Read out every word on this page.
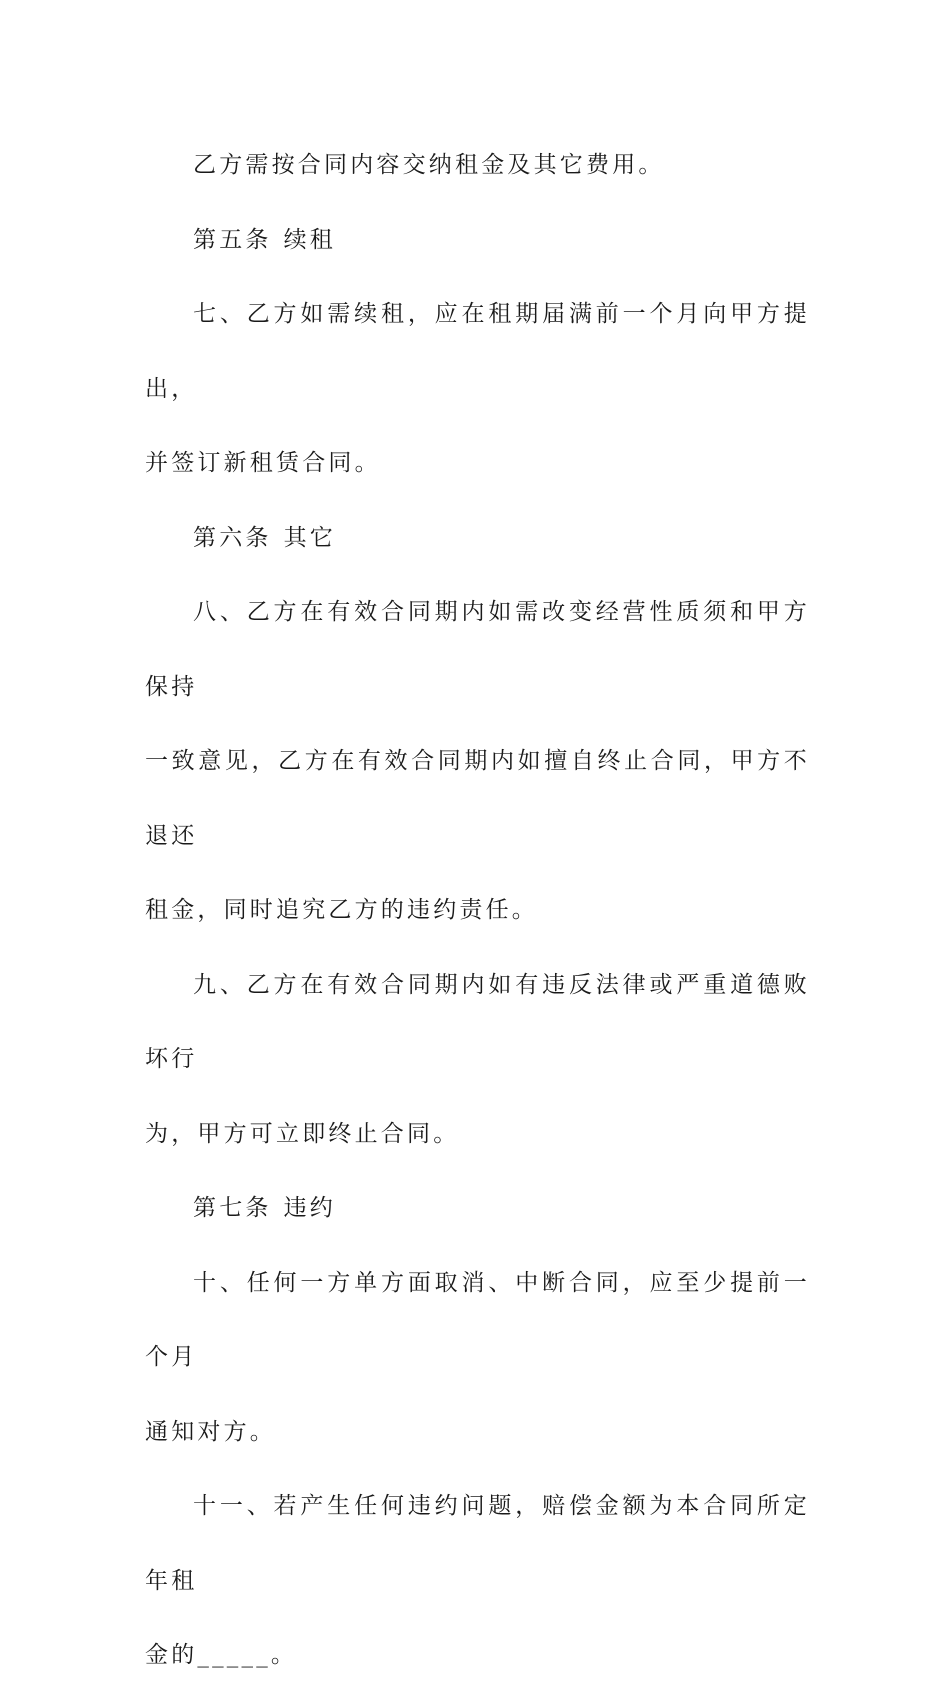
乙方需按合同内容交纳租金及其它费用。

第五条 续租

七、乙方如需续租，应在租期届满前一个月向甲方提出，
并签订新租赁合同。

第六条 其它

八、乙方在有效合同期内如需改变经营性质须和甲方保持
一致意见，乙方在有效合同期内如擅自终止合同，甲方不退还
租金，同时追究乙方的违约责任。

九、乙方在有效合同期内如有违反法律或严重道德败坏行
为，甲方可立即终止合同。

第七条 违约

十、任何一方单方面取消、中断合同，应至少提前一个月
通知对方。

十一、若产生任何违约问题，赔偿金额为本合同所定年租
金的_____。
